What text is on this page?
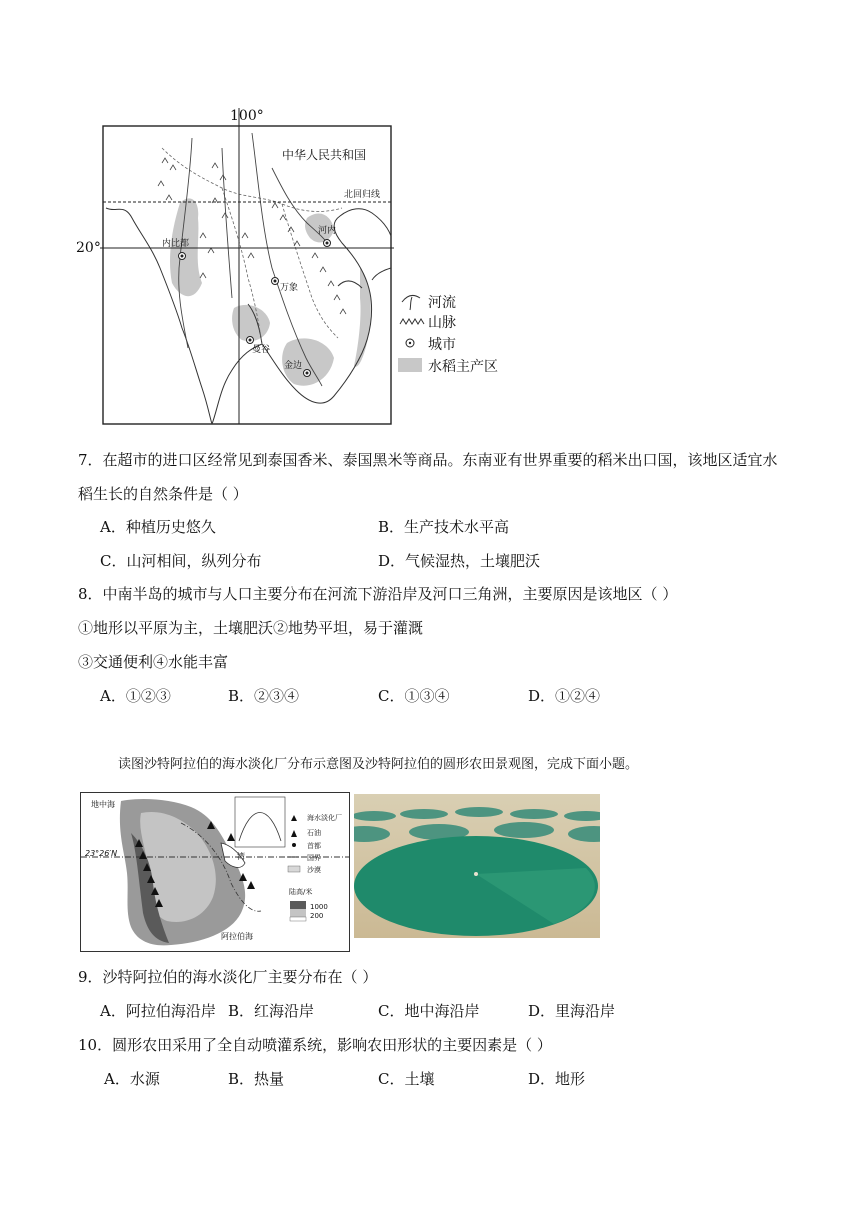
100°
20°
中华人民共和国
北回归线
内比都
河内
万象
曼谷
金边
河流
山脉
城市
水稻主产区
7．在超市的进口区经常见到泰国香米、泰国黑米等商品。东南亚有世界重要的稻米出口国，该地区适宜水
稻生长的自然条件是（ ）
A．种植历史悠久	B．生产技术水平高
C．山河相间，纵列分布	D．气候湿热，土壤肥沃
8．中南半岛的城市与人口主要分布在河流下游沿岸及河口三角洲，主要原因是该地区（ ）
①地形以平原为主，土壤肥沃②地势平坦，易于灌溉
③交通便利④水能丰富
A．①②③	B．②③④	C．①③④	D．①②④
读图沙特阿拉伯的海水淡化厂分布示意图及沙特阿拉伯的圆形农田景观图，完成下面小题。
地中海
23°26′N	湾
阿拉伯海
海水淡化厂
石油
首都
国界
沙漠
陆高/米
1000
200
9．沙特阿拉伯的海水淡化厂主要分布在（ ）
A．阿拉伯海沿岸 B．红海沿岸	C．地中海沿岸	D．里海沿岸
10．圆形农田采用了全自动喷灌系统，影响农田形状的主要因素是（ ）
A．水源	B．热量	C．土壤	D．地形
